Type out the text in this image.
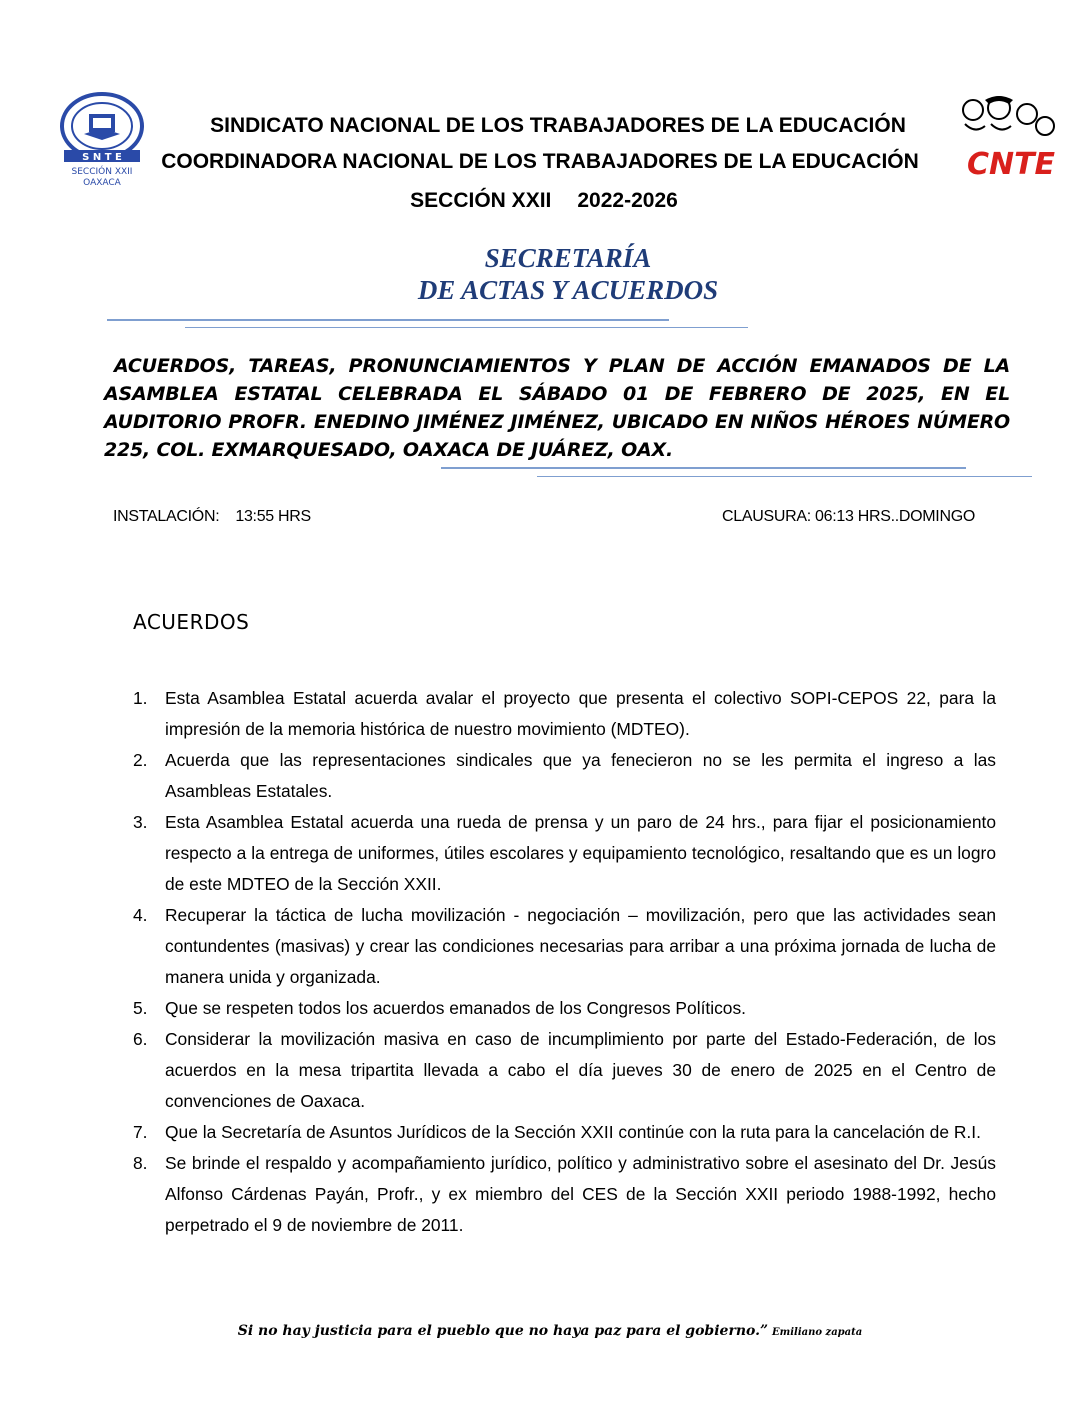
S N T E
SECCIÓN XXII
OAXACA
CNTE
SINDICATO NACIONAL DE LOS TRABAJADORES DE LA EDUCACIÓN
COORDINADORA NACIONAL DE LOS TRABAJADORES DE LA EDUCACIÓN
SECCIÓN XXII 2022-2026
SECRETARÍA
DE ACTAS Y ACUERDOS
ACUERDOS, TAREAS, PRONUNCIAMIENTOS Y PLAN DE ACCIÓN EMANADOS DE LA ASAMBLEA ESTATAL CELEBRADA EL SÁBADO 01 DE FEBRERO DE 2025, EN EL AUDITORIO PROFR. ENEDINO JIMÉNEZ JIMÉNEZ, UBICADO EN NIÑOS HÉROES NÚMERO 225, COL. EXMARQUESADO, OAXACA DE JUÁREZ, OAX.
INSTALACIÓN: 13:55 HRS	CLAUSURA: 06:13 HRS..DOMINGO
ACUERDOS
1. Esta Asamblea Estatal acuerda avalar el proyecto que presenta el colectivo SOPI-CEPOS 22, para la impresión de la memoria histórica de nuestro movimiento (MDTEO).
2. Acuerda que las representaciones sindicales que ya fenecieron no se les permita el ingreso a las Asambleas Estatales.
3. Esta Asamblea Estatal acuerda una rueda de prensa y un paro de 24 hrs., para fijar el posicionamiento respecto a la entrega de uniformes, útiles escolares y equipamiento tecnológico, resaltando que es un logro de este MDTEO de la Sección XXII.
4. Recuperar la táctica de lucha movilización - negociación – movilización, pero que las actividades sean contundentes (masivas) y crear las condiciones necesarias para arribar a una próxima jornada de lucha de manera unida y organizada.
5. Que se respeten todos los acuerdos emanados de los Congresos Políticos.
6. Considerar la movilización masiva en caso de incumplimiento por parte del Estado-Federación, de los acuerdos en la mesa tripartita llevada a cabo el día jueves 30 de enero de 2025 en el Centro de convenciones de Oaxaca.
7. Que la Secretaría de Asuntos Jurídicos de la Sección XXII continúe con la ruta para la cancelación de R.I.
8. Se brinde el respaldo y acompañamiento jurídico, político y administrativo sobre el asesinato del Dr. Jesús Alfonso Cárdenas Payán, Profr., y ex miembro del CES de la Sección XXII periodo 1988-1992, hecho perpetrado el 9 de noviembre de 2011.
Si no hay justicia para el pueblo que no haya paz para el gobierno.” Emiliano zapata
